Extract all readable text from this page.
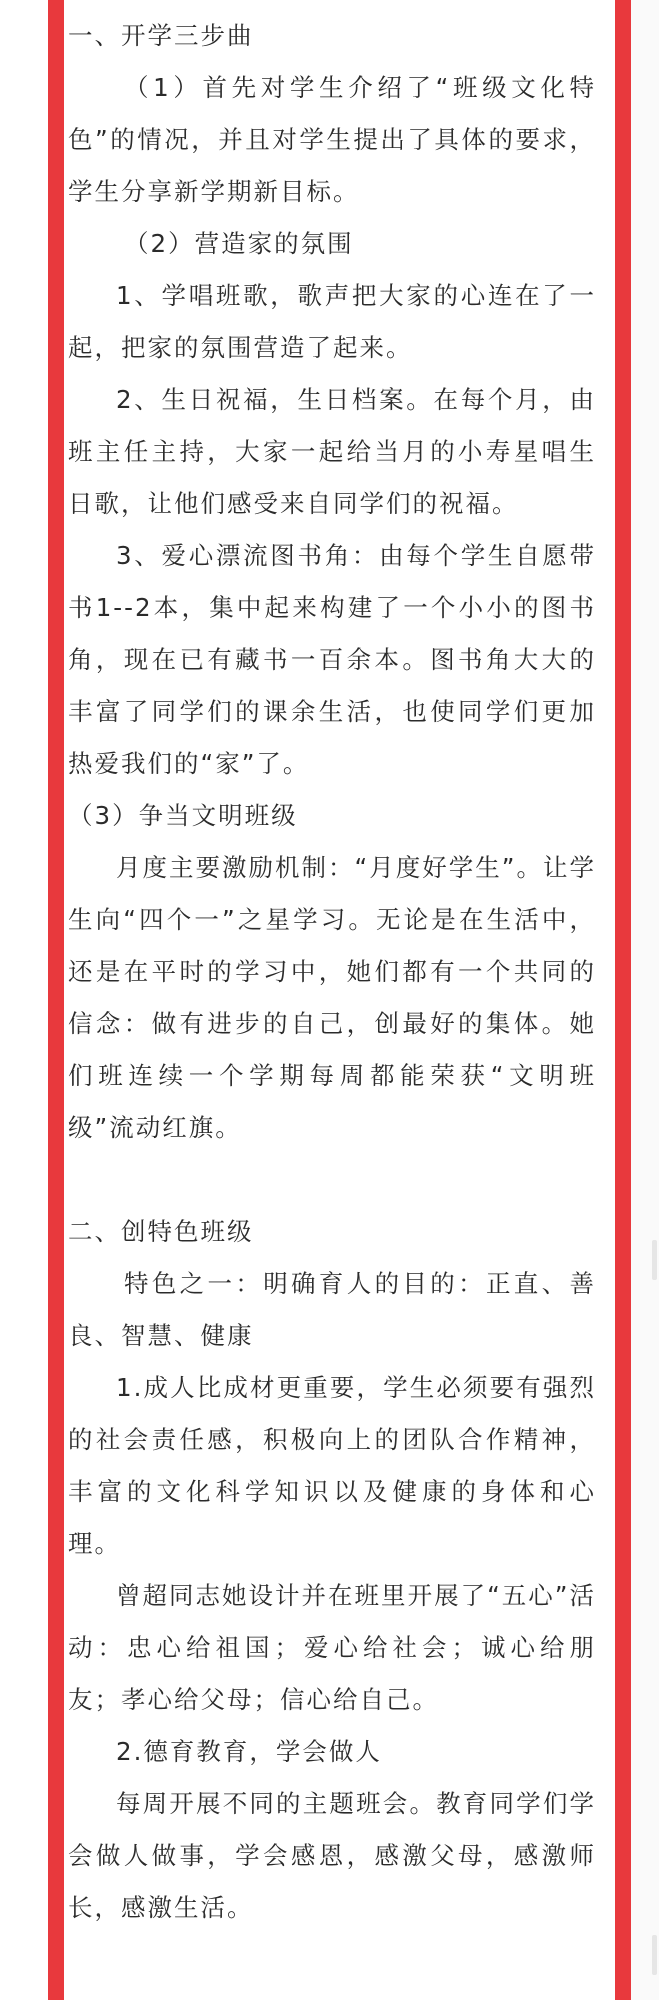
一、开学三步曲

（1）首先对学生介绍了“班级文化特色”的情况，并且对学生提出了具体的要求，学生分享新学期新目标。

（2）营造家的氛围

1、学唱班歌，歌声把大家的心连在了一起，把家的氛围营造了起来。

2、生日祝福，生日档案。在每个月，由班主任主持，大家一起给当月的小寿星唱生日歌，让他们感受来自同学们的祝福。

3、爱心漂流图书角：由每个学生自愿带书1--2本，集中起来构建了一个小小的图书角，现在已有藏书一百余本。图书角大大的丰富了同学们的课余生活，也使同学们更加热爱我们的“家”了。

（3）争当文明班级

月度主要激励机制：“月度好学生”。让学生向“四个一”之星学习。无论是在生活中，还是在平时的学习中，她们都有一个共同的信念：做有进步的自己，创最好的集体。她们班连续一个学期每周都能荣获“文明班级”流动红旗。

二、创特色班级

特色之一：明确育人的目的：正直、善良、智慧、健康

1.成人比成材更重要，学生必须要有强烈的社会责任感，积极向上的团队合作精神，丰富的文化科学知识以及健康的身体和心理。

曾超同志她设计并在班里开展了“五心”活动：忠心给祖国；爱心给社会；诚心给朋友；孝心给父母；信心给自己。

2.德育教育，学会做人

每周开展不同的主题班会。教育同学们学会做人做事，学会感恩，感激父母，感激师长，感激生活。
